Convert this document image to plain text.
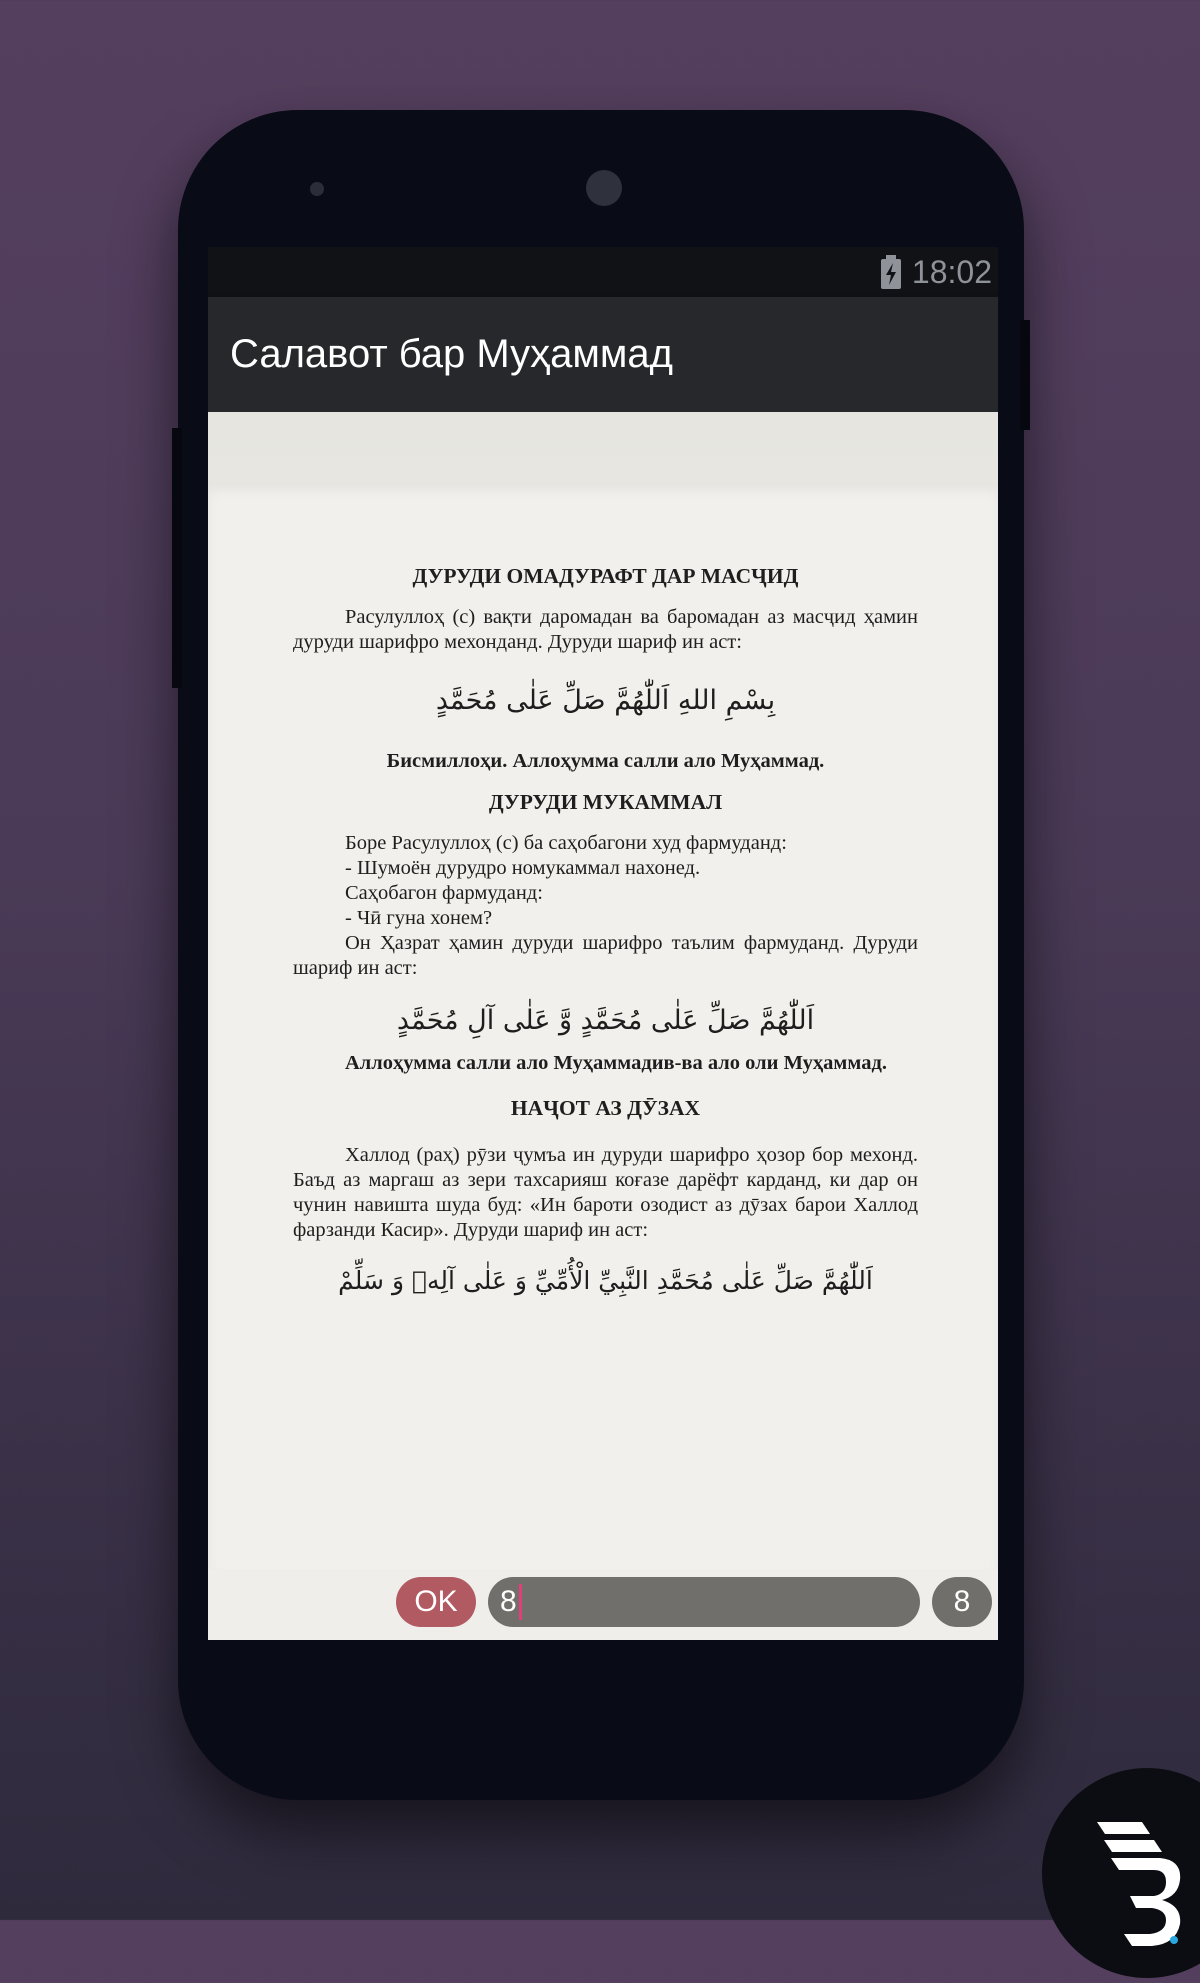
18:02
Салавот бар Муҳаммад

ДУРУДИ ОМАДУРАФТ ДАР МАСҶИД

Расулуллоҳ (с) вақти даромадан ва баромадан аз масҷид ҳамин дуруди шарифро мехонданд. Дуруди шариф ин аст:

بِسْمِ اللهِ اَللّٰهُمَّ صَلِّ عَلٰى مُحَمَّدٍ

Бисмиллоҳи. Аллоҳумма салли ало Муҳаммад.

ДУРУДИ МУКАММАЛ

Боре Расулуллоҳ (с) ба саҳобагони худ фармуданд:

- Шумоён дурудро номукаммал нахонед.

Саҳобагон фармуданд:

- Чӣ гуна хонем?

Он Ҳазрат ҳамин дуруди шарифро таълим фармуданд. Дуруди шариф ин аст:

اَللّٰهُمَّ صَلِّ عَلٰى مُحَمَّدٍ وَّ عَلٰى آلِ مُحَمَّدٍ

Аллоҳумма салли ало Муҳаммадив-ва ало оли Муҳаммад.

НАҶОТ АЗ ДӮЗАХ

Халлод (раҳ) рӯзи ҷумъа ин дуруди шарифро ҳозор бор мехонд. Баъд аз маргаш аз зери тахсарияш коғазе дарёфт карданд, ки дар он чунин навишта шуда буд: «Ин бароти озодист аз дӯзах барои Халлод фарзанди Касир». Дуруди шариф ин аст:

اَللّٰهُمَّ صَلِّ عَلٰى مُحَمَّدِ النَّبِيِّ الْأُمِّيِّ وَ عَلٰى آلِهٖ وَ سَلِّمْ

OK	8	8
